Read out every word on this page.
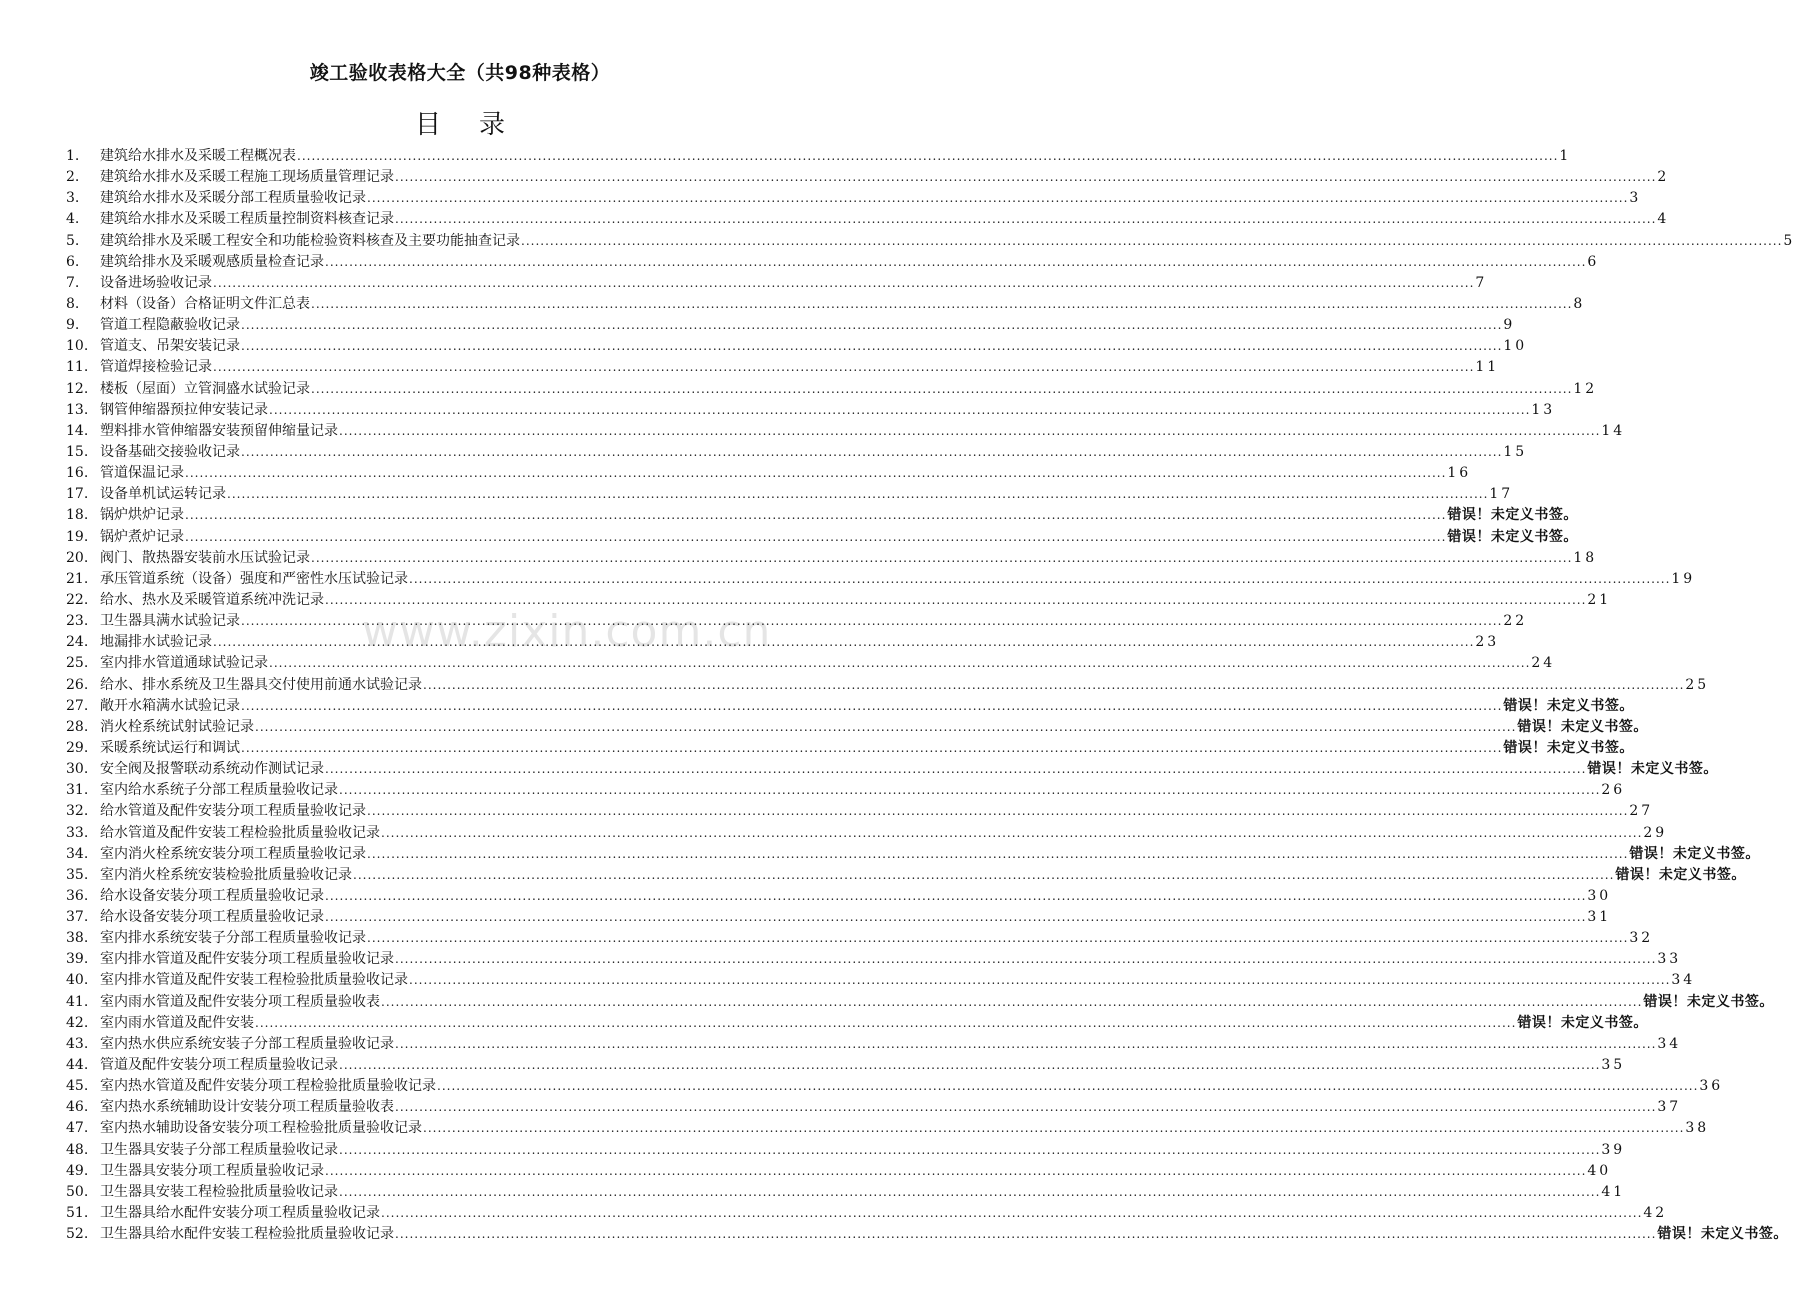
竣工验收表格大全（共98种表格）
目录
www.zixin.com.cn
1.	建筑给水排水及采暖工程概况表 .....	1
2.	建筑给水排水及采暖工程施工现场质量管理记录 .....	2
3.	建筑给水排水及采暖分部工程质量验收记录 .....	3
4.	建筑给水排水及采暖工程质量控制资料核查记录 .....	4
5.	建筑给排水及采暖工程安全和功能检验资料核查及主要功能抽查记录 .....	5
6.	建筑给排水及采暖观感质量检查记录 .....	6
7.	设备进场验收记录 .....	7
8.	材料（设备）合格证明文件汇总表 .....	8
9.	管道工程隐蔽验收记录 .....	9
10. 管道支、吊架安装记录 .....	10
11. 管道焊接检验记录 .....	11
12. 楼板（屋面）立管洞盛水试验记录 .....	12
13. 钢管伸缩器预拉伸安装记录 .....	13
14. 塑料排水管伸缩器安装预留伸缩量记录 .....	14
15. 设备基础交接验收记录 .....	15
16. 管道保温记录 .....	16
17. 设备单机试运转记录 .....	17
18. 锅炉烘炉记录 .....	错误！未定义书签。
19. 锅炉煮炉记录 .....	错误！未定义书签。
20. 阀门、散热器安装前水压试验记录 .....	18
21. 承压管道系统（设备）强度和严密性水压试验记录 .....	19
22. 给水、热水及采暖管道系统冲洗记录 .....	21
23. 卫生器具满水试验记录 .....	22
24. 地漏排水试验记录 .....	23
25. 室内排水管道通球试验记录 .....	24
26. 给水、排水系统及卫生器具交付使用前通水试验记录 .....	25
27. 敞开水箱满水试验记录 .....	错误！未定义书签。
28. 消火栓系统试射试验记录 .....	错误！未定义书签。
29. 采暖系统试运行和调试 .....	错误！未定义书签。
30. 安全阀及报警联动系统动作测试记录 .....	错误！未定义书签。
31. 室内给水系统子分部工程质量验收记录 .....	26
32. 给水管道及配件安装分项工程质量验收记录 .....	27
33. 给水管道及配件安装工程检验批质量验收记录 .....	29
34. 室内消火栓系统安装分项工程质量验收记录 .....	错误！未定义书签。
35. 室内消火栓系统安装检验批质量验收记录 .....	错误！未定义书签。
36. 给水设备安装分项工程质量验收记录 .....	30
37. 给水设备安装分项工程质量验收记录 .....	31
38. 室内排水系统安装子分部工程质量验收记录 .....	32
39. 室内排水管道及配件安装分项工程质量验收记录 .....	33
40. 室内排水管道及配件安装工程检验批质量验收记录 .....	34
41. 室内雨水管道及配件安装分项工程质量验收表 .....	错误！未定义书签。
42. 室内雨水管道及配件安装 .....	错误！未定义书签。
43. 室内热水供应系统安装子分部工程质量验收记录 .....	34
44. 管道及配件安装分项工程质量验收记录 .....	35
45. 室内热水管道及配件安装分项工程检验批质量验收记录 .....	36
46. 室内热水系统辅助设计安装分项工程质量验收表 .....	37
47. 室内热水辅助设备安装分项工程检验批质量验收记录 .....	38
48. 卫生器具安装子分部工程质量验收记录 .....	39
49. 卫生器具安装分项工程质量验收记录 .....	40
50. 卫生器具安装工程检验批质量验收记录 .....	41
51. 卫生器具给水配件安装分项工程质量验收记录 .....	42
52. 卫生器具给水配件安装工程检验批质量验收记录 .....	错误！未定义书签。
